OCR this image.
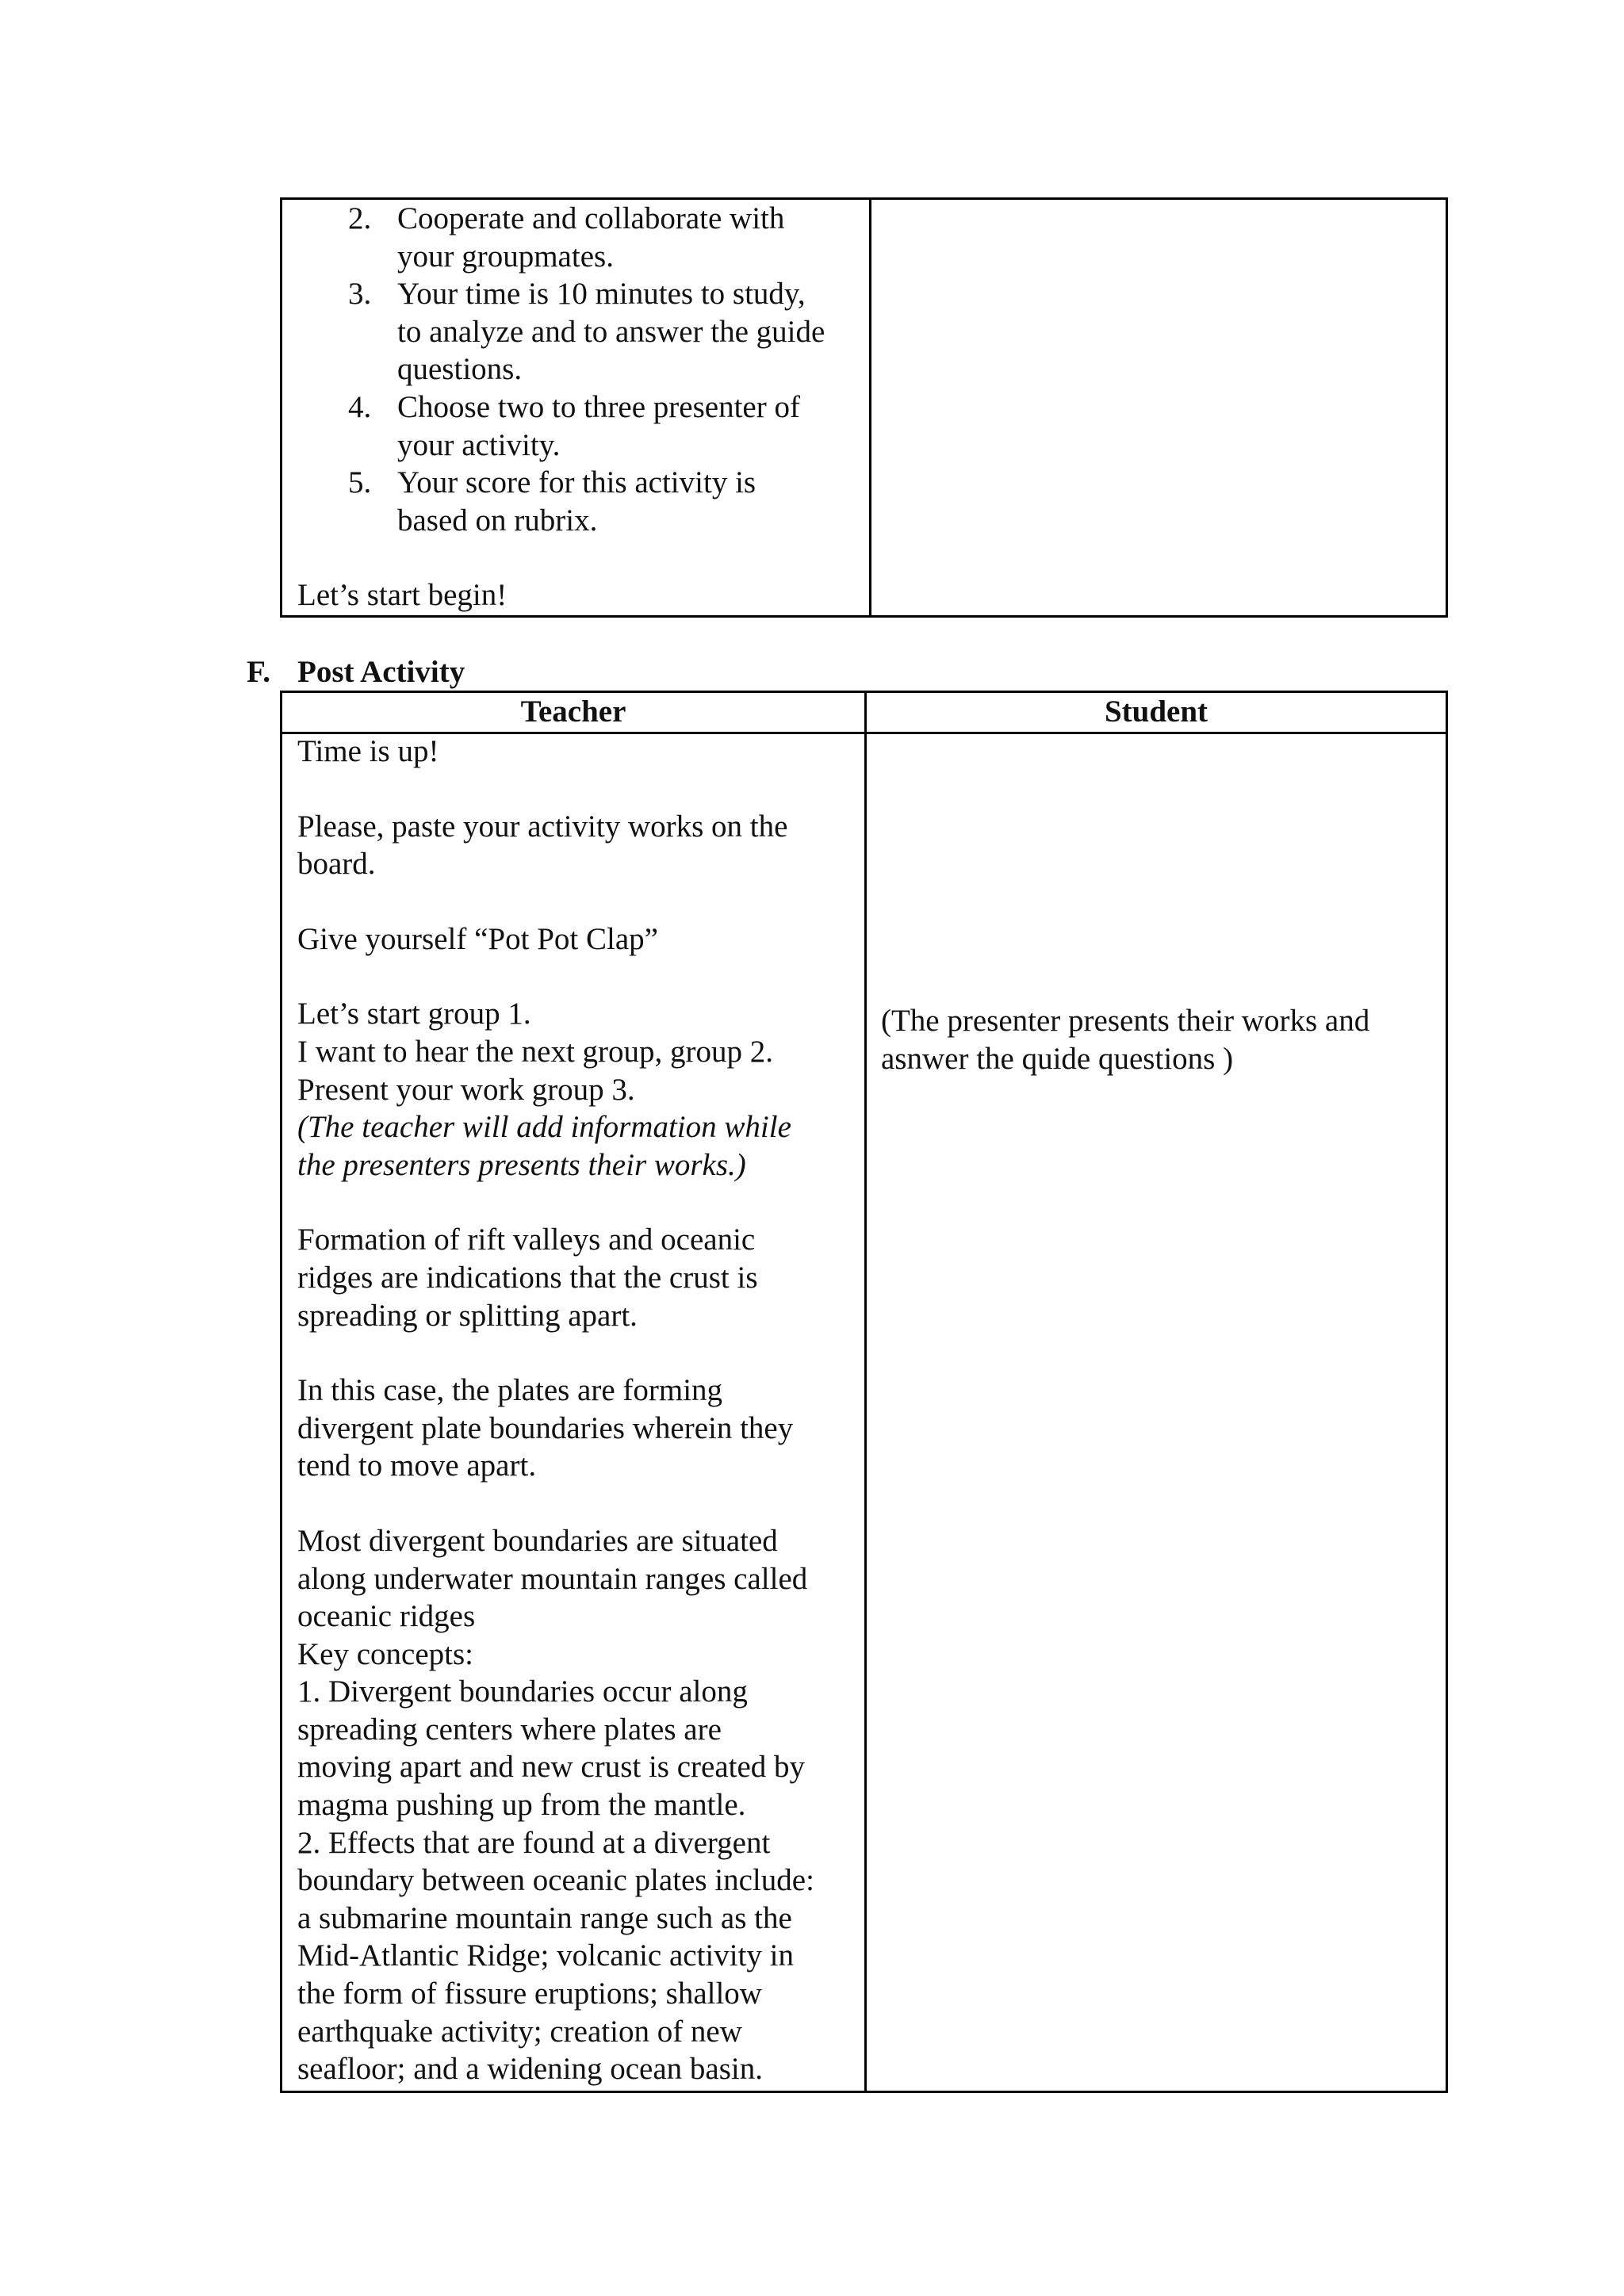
2. Cooperate and collaborate with

your groupmates.

3. Your time is 10 minutes to study,

to analyze and to answer the guide

questions.

4. Choose two to three presenter of

your activity.

5. Your score for this activity is

based on rubrix.

Let’s start begin!

F. Post Activity
Teacher	Student

Time is up!

Please, paste your activity works on the

board.

Give yourself “Pot Pot Clap”

Let’s start group 1.

I want to hear the next group, group 2.

Present your work group 3.

(The teacher will add information while

the presenters presents their works.)

Formation of rift valleys and oceanic

ridges are indications that the crust is

spreading or splitting apart.

In this case, the plates are forming

divergent plate boundaries wherein they

tend to move apart.

Most divergent boundaries are situated

along underwater mountain ranges called

oceanic ridges

Key concepts:

1. Divergent boundaries occur along

spreading centers where plates are

moving apart and new crust is created by

magma pushing up from the mantle.

2. Effects that are found at a divergent

boundary between oceanic plates include:

a submarine mountain range such as the

Mid-Atlantic Ridge; volcanic activity in

the form of fissure eruptions; shallow

earthquake activity; creation of new

seafloor; and a widening ocean basin.

(The presenter presents their works and

asnwer the quide questions )
